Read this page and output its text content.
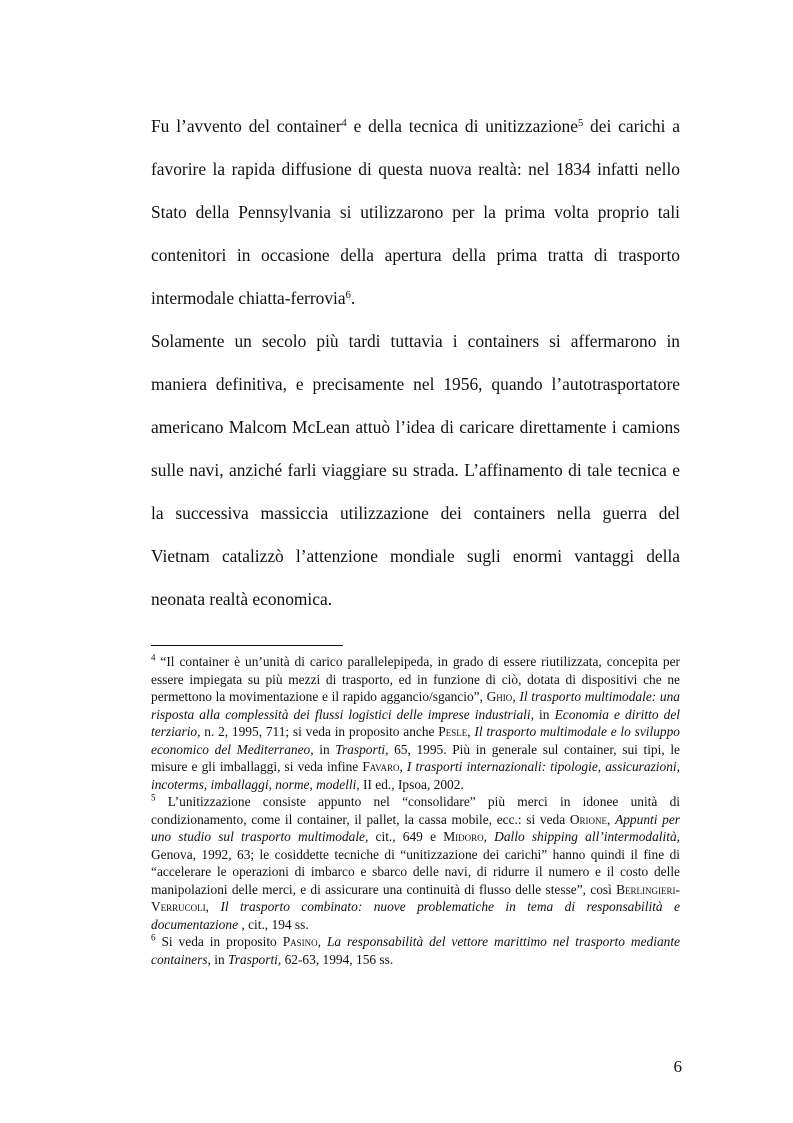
Fu l’avvento del container$^4$ e della tecnica di unitizzazione$^5$ dei carichi a favorire la rapida diffusione di questa nuova realtà: nel 1834 infatti nello Stato della Pennsylvania si utilizzarono per la prima volta proprio tali contenitori in occasione della apertura della prima tratta di trasporto intermodale chiatta-ferrovia$^6$.

Solamente un secolo più tardi tuttavia i containers si affermarono in maniera definitiva, e precisamente nel 1956, quando l’autotrasportatore americano Malcom McLean attuò l’idea di caricare direttamente i camions sulle navi, anziché farli viaggiare su strada. L’affinamento di tale tecnica e la successiva massiccia utilizzazione dei containers nella guerra del Vietnam catalizzò l’attenzione mondiale sugli enormi vantaggi della neonata realtà economica.

$^4$ “Il container è un’unità di carico parallelepipeda, in grado di essere riutilizzata, concepita per essere impiegata su più mezzi di trasporto, ed in funzione di ciò, dotata di dispositivi che ne permettono la movimentazione e il rapido aggancio/sgancio”, Ghio, Il trasporto multimodale: una risposta alla complessità dei flussi logistici delle imprese industriali, in Economia e diritto del terziario, n. 2, 1995, 711; si veda in proposito anche Pesle, Il trasporto multimodale e lo sviluppo economico del Mediterraneo, in Trasporti, 65, 1995. Più in generale sul container, sui tipi, le misure e gli imballaggi, si veda infine Favaro, I trasporti internazionali: tipologie, assicurazioni, incoterms, imballaggi, norme, modelli, II ed., Ipsoa, 2002.

$^5$ L’unitizzazione consiste appunto nel “consolidare” più merci in idonee unità di condizionamento, come il container, il pallet, la cassa mobile, ecc.: si veda Orione, Appunti per uno studio sul trasporto multimodale, cit., 649 e Midoro, Dallo shipping all’intermodalità, Genova, 1992, 63; le cosiddette tecniche di “unitizzazione dei carichi” hanno quindi il fine di “accelerare le operazioni di imbarco e sbarco delle navi, di ridurre il numero e il costo delle manipolazioni delle merci, e di assicurare una continuità di flusso delle stesse”, così Berlingieri-Verrucoli, Il trasporto combinato: nuove problematiche in tema di responsabilità e documentazione , cit., 194 ss.

$^6$ Si veda in proposito Pasino, La responsabilità del vettore marittimo nel trasporto mediante containers, in Trasporti, 62-63, 1994, 156 ss.

6
